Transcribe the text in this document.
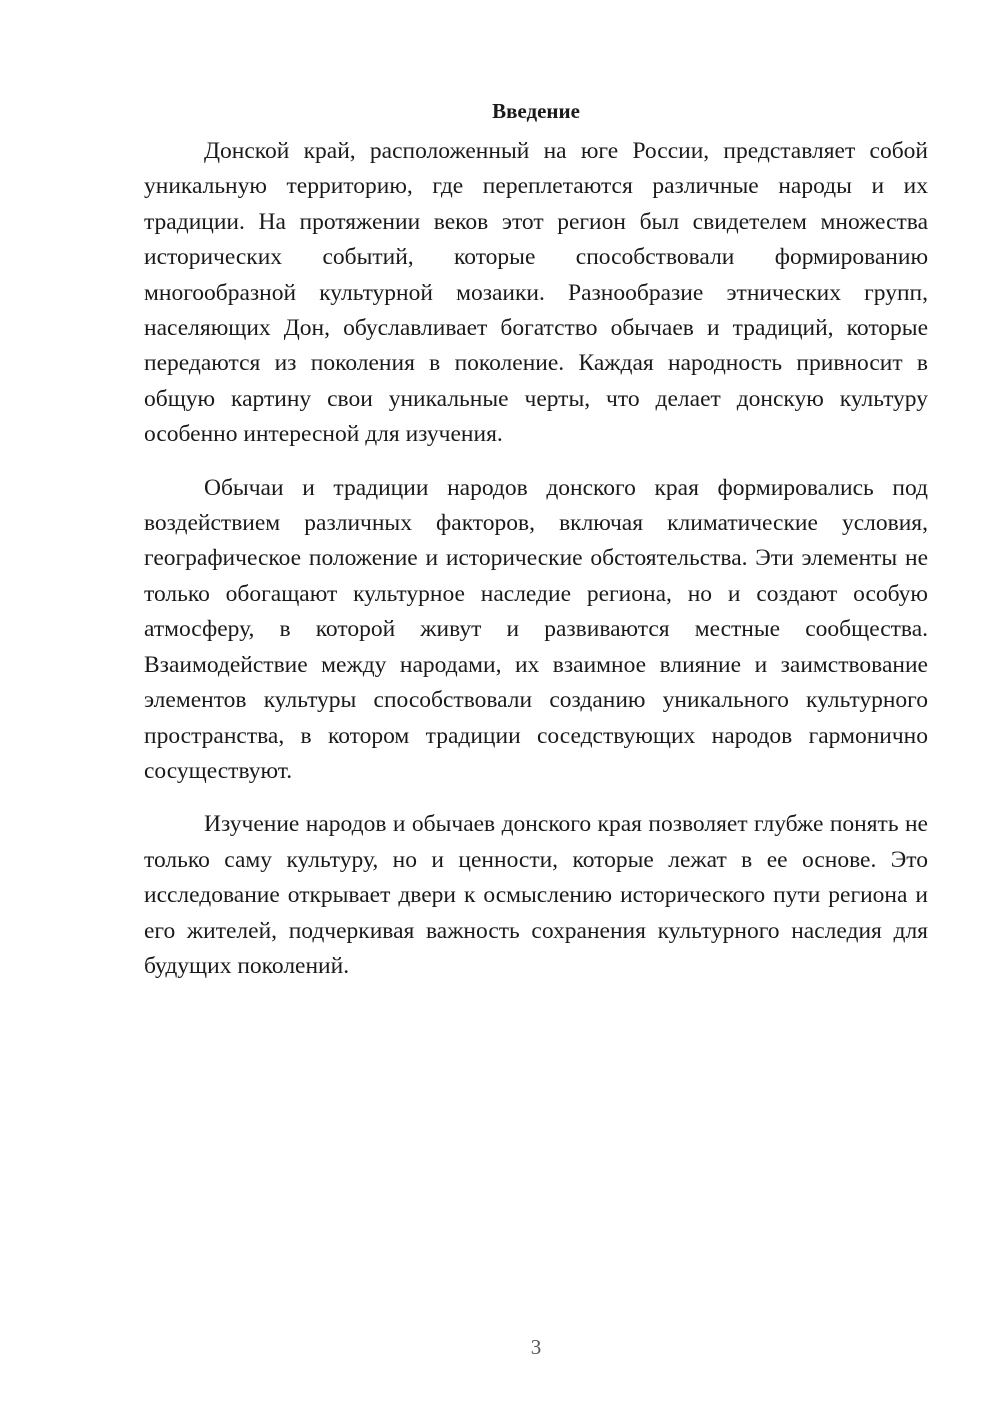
Введение

Донской край, расположенный на юге России, представляет собой уникальную территорию, где переплетаются различные народы и их традиции. На протяжении веков этот регион был свидетелем множества исторических событий, которые способствовали формированию многообразной культурной мозаики. Разнообразие этнических групп, населяющих Дон, обуславливает богатство обычаев и традиций, которые передаются из поколения в поколение. Каждая народность привносит в общую картину свои уникальные черты, что делает донскую культуру особенно интересной для изучения.

Обычаи и традиции народов донского края формировались под воздействием различных факторов, включая климатические условия, географическое положение и исторические обстоятельства. Эти элементы не только обогащают культурное наследие региона, но и создают особую атмосферу, в которой живут и развиваются местные сообщества. Взаимодействие между народами, их взаимное влияние и заимствование элементов культуры способствовали созданию уникального культурного пространства, в котором традиции соседствующих народов гармонично сосуществуют.

Изучение народов и обычаев донского края позволяет глубже понять не только саму культуру, но и ценности, которые лежат в ее основе. Это исследование открывает двери к осмыслению исторического пути региона и его жителей, подчеркивая важность сохранения культурного наследия для будущих поколений.

3
